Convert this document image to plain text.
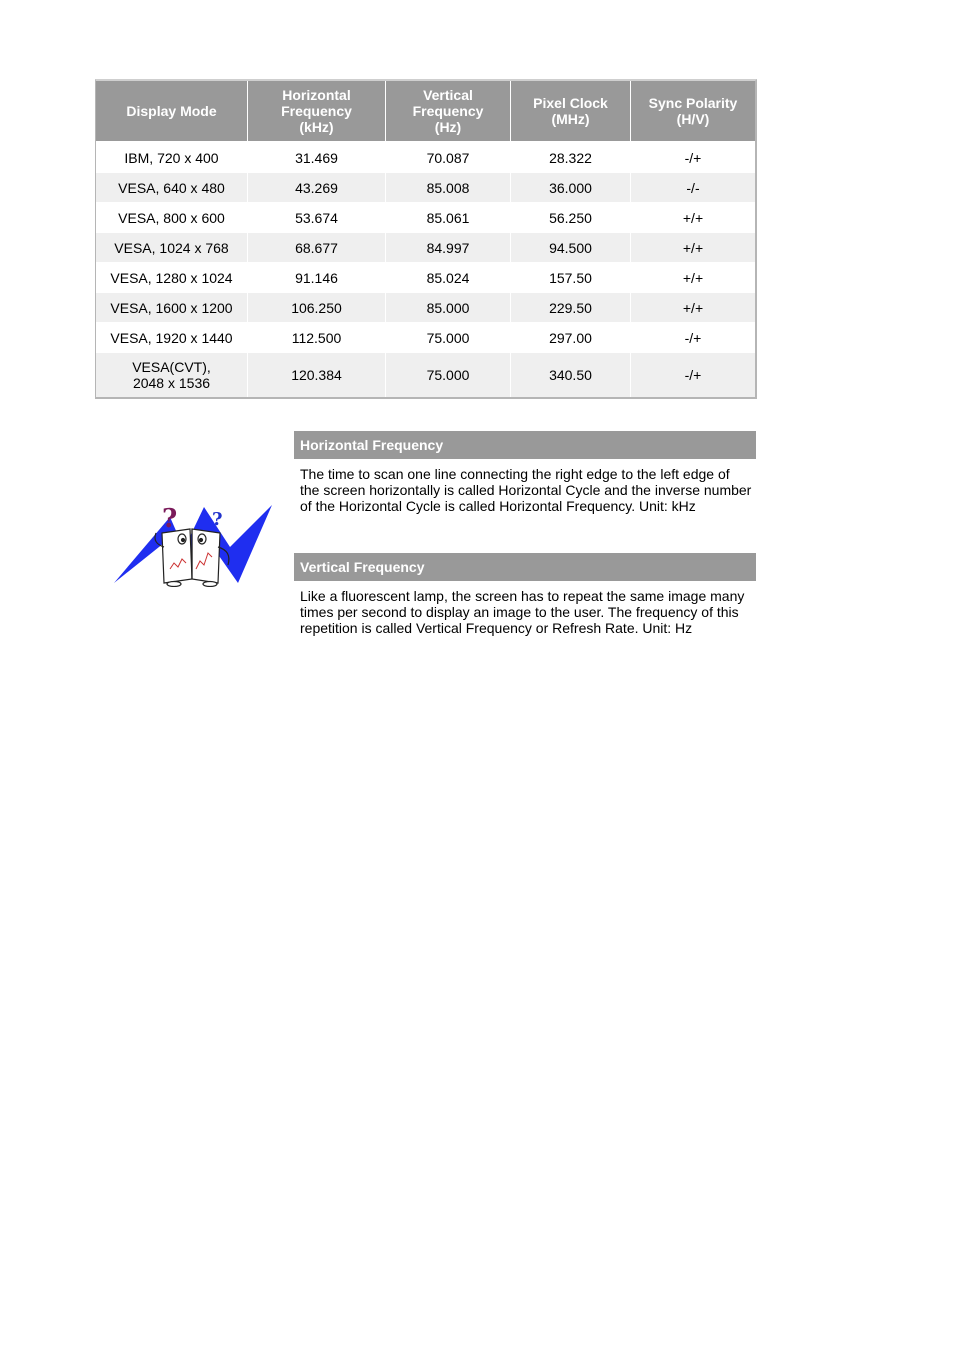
Display Mode	Horizontal
Frequency
(kHz)	Vertical
Frequency
(Hz)	Pixel Clock
(MHz)	Sync Polarity
(H/V)
IBM, 720 x 400	31.469	70.087	28.322	-/+
VESA, 640 x 480	43.269	85.008	36.000	-/-
VESA, 800 x 600	53.674	85.061	56.250	+/+
VESA, 1024 x 768	68.677	84.997	94.500	+/+
VESA, 1280 x 1024	91.146	85.024	157.50	+/+
VESA, 1600 x 1200	106.250	85.000	229.50	+/+
VESA, 1920 x 1440	112.500	75.000	297.00	-/+
VESA(CVT),
2048 x 1536	120.384	75.000	340.50	-/+
? ?
Horizontal Frequency
The time to scan one line connecting the right edge to the left edge of the screen horizontally is called Horizontal Cycle and the inverse number of the Horizontal Cycle is called Horizontal Frequency. Unit: kHz
Vertical Frequency
Like a fluorescent lamp, the screen has to repeat the same image many times per second to display an image to the user. The frequency of this repetition is called Vertical Frequency or Refresh Rate. Unit: Hz
